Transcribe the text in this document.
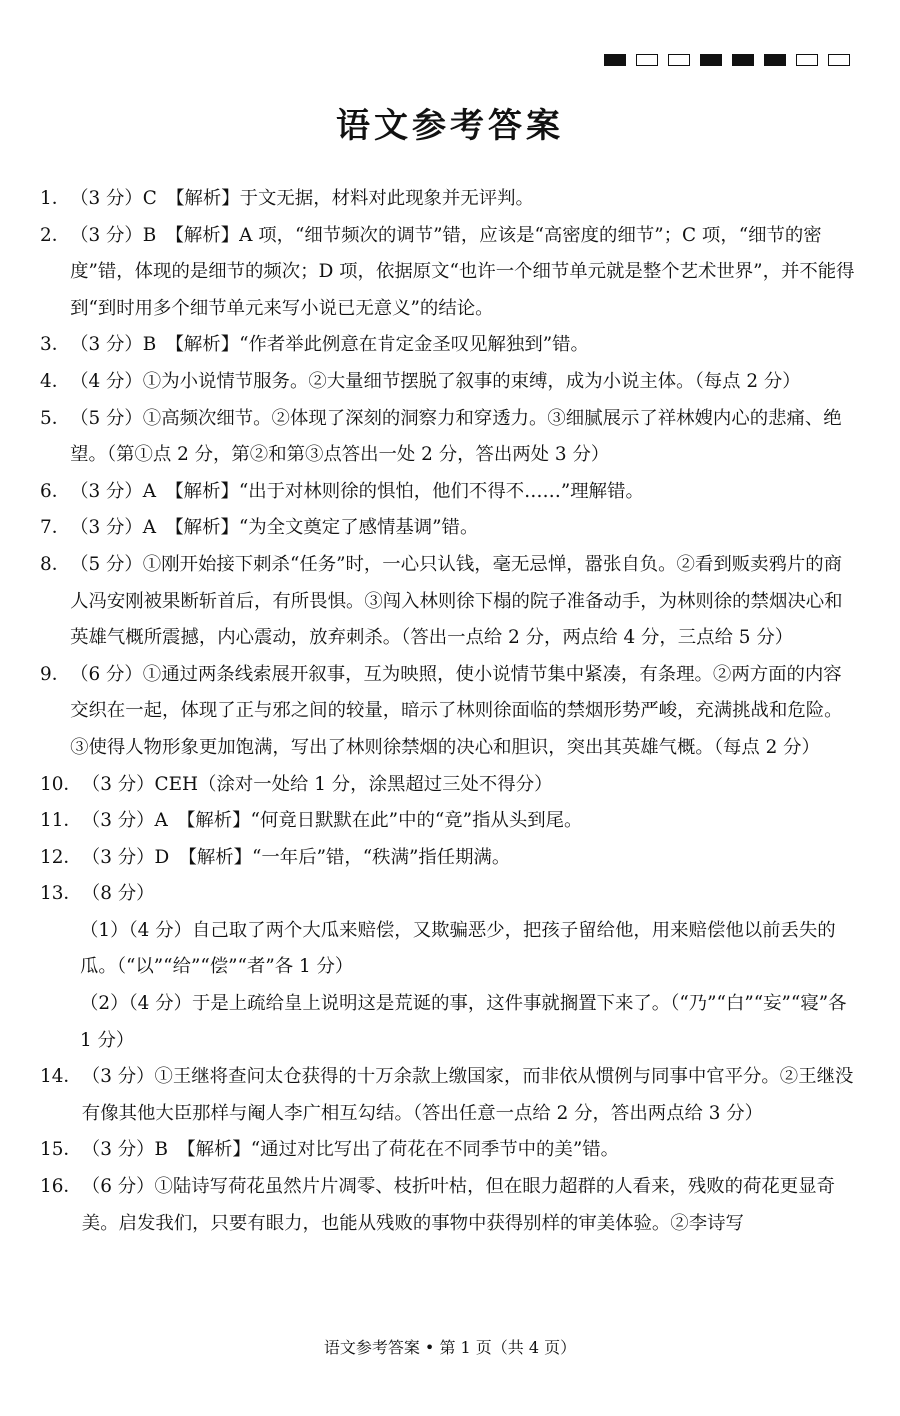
语文参考答案
1． （3 分）C　【解析】于文无据，材料对此现象并无评判。
2． （3 分）B　【解析】A 项，“细节频次的调节”错，应该是“高密度的细节”；C 项，“细节的密度”错，体现的是细节的频次；D 项，依据原文“也许一个细节单元就是整个艺术世界”，并不能得到“到时用多个细节单元来写小说已无意义”的结论。
3． （3 分）B　【解析】“作者举此例意在肯定金圣叹见解独到”错。
4． （4 分）①为小说情节服务。②大量细节摆脱了叙事的束缚，成为小说主体。（每点 2 分）
5． （5 分）①高频次细节。②体现了深刻的洞察力和穿透力。③细腻展示了祥林嫂内心的悲痛、绝望。（第①点 2 分，第②和第③点答出一处 2 分，答出两处 3 分）
6． （3 分）A　【解析】“出于对林则徐的惧怕，他们不得不……”理解错。
7． （3 分）A　【解析】“为全文奠定了感情基调”错。
8． （5 分）①刚开始接下刺杀“任务”时，一心只认钱，毫无忌惮，嚣张自负。②看到贩卖鸦片的商人冯安刚被果断斩首后，有所畏惧。③闯入林则徐下榻的院子准备动手，为林则徐的禁烟决心和英雄气概所震撼，内心震动，放弃刺杀。（答出一点给 2 分，两点给 4 分，三点给 5 分）
9． （6 分）①通过两条线索展开叙事，互为映照，使小说情节集中紧凑，有条理。②两方面的内容交织在一起，体现了正与邪之间的较量，暗示了林则徐面临的禁烟形势严峻，充满挑战和危险。③使得人物形象更加饱满，写出了林则徐禁烟的决心和胆识，突出其英雄气概。（每点 2 分）
10． （3 分）CEH（涂对一处给 1 分，涂黑超过三处不得分）
11． （3 分）A　【解析】“何竟日默默在此”中的“竟”指从头到尾。
12． （3 分）D　【解析】“一年后”错，“秩满”指任期满。
13． （8 分）
（1）（4 分）自己取了两个大瓜来赔偿，又欺骗恶少，把孩子留给他，用来赔偿他以前丢失的瓜。（“以”“给”“偿”“者”各 1 分）
（2）（4 分）于是上疏给皇上说明这是荒诞的事，这件事就搁置下来了。（“乃”“白”“妄”“寝”各 1 分）
14． （3 分）①王继将查问太仓获得的十万余款上缴国家，而非依从惯例与同事中官平分。②王继没有像其他大臣那样与阉人李广相互勾结。（答出任意一点给 2 分，答出两点给 3 分）
15． （3 分）B　【解析】“通过对比写出了荷花在不同季节中的美”错。
16． （6 分）①陆诗写荷花虽然片片凋零、枝折叶枯，但在眼力超群的人看来，残败的荷花更显奇美。启发我们，只要有眼力，也能从残败的事物中获得别样的审美体验。②李诗写
语文参考答案 • 第 1 页（共 4 页）
